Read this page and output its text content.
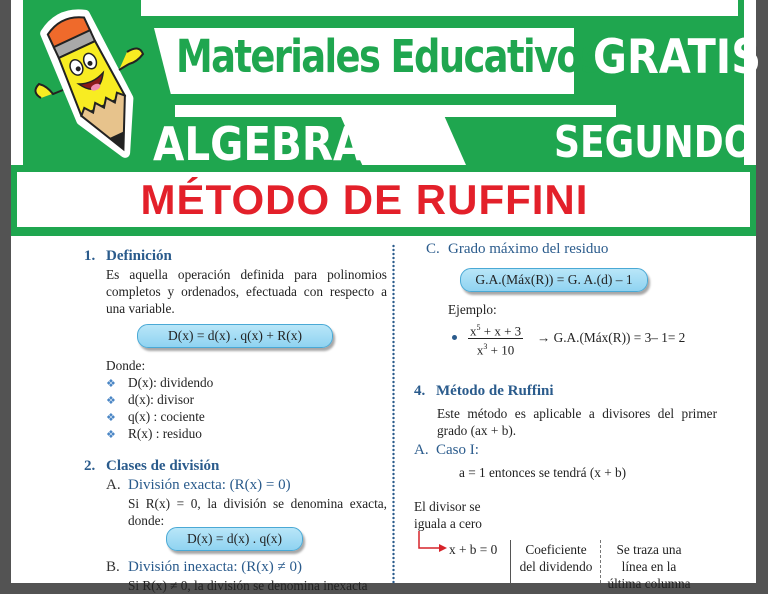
Materiales Educativos
GRATIS
ALGEBRA	SEGUNDO
MÉTODO DE RUFFINI
1. Definición
Es aquella operación definida para polinomios completos y ordenados, efectuada con respecto a una variable.
D(x) = d(x) . q(x) + R(x)
Donde:
❖ D(x): dividendo
❖ d(x): divisor
❖ q(x) : cociente
❖ R(x) : residuo
2. Clases de división
A. División exacta: (R(x) = 0)
Si R(x) = 0, la división se denomina exacta, donde:
D(x) = d(x) . q(x)
B. División inexacta: (R(x) ≠ 0)
Si R(x) ≠ 0, la división se denomina inexacta
C. Grado máximo del residuo
G.A.(Máx(R)) = G. A.(d) – 1
Ejemplo:
$\frac{x^5 + x + 3}{x^3 + 10}$ → G.A.(Máx(R)) = 3– 1= 2
4. Método de Ruffini
Este método es aplicable a divisores del primer grado (ax + b).
A. Caso I:
a = 1 entonces se tendrá (x + b)
El divisor se
iguala a cero
x + b = 0	Coeficiente
del dividendo
Se traza una
línea en la
última columna
